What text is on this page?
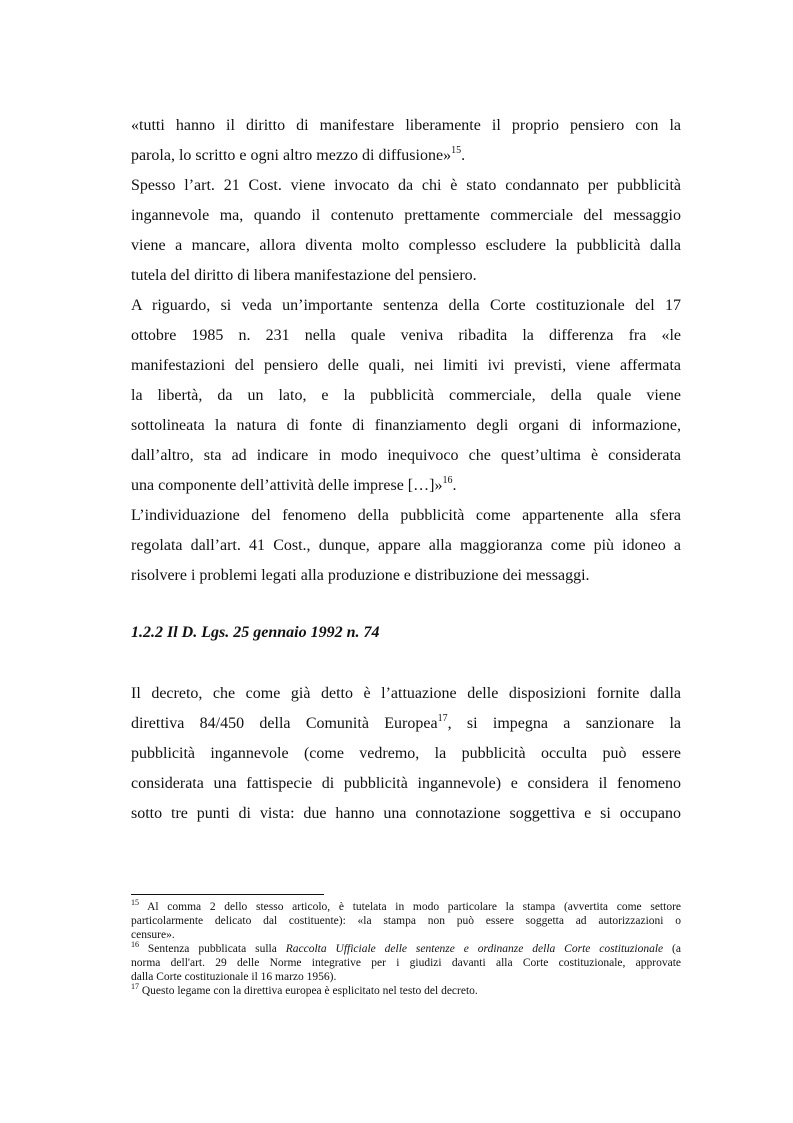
«tutti hanno il diritto di manifestare liberamente il proprio pensiero con la
parola, lo scritto e ogni altro mezzo di diffusione»$^{15}$.
Spesso l’art. 21 Cost. viene invocato da chi è stato condannato per pubblicità
ingannevole ma, quando il contenuto prettamente commerciale del messaggio
viene a mancare, allora diventa molto complesso escludere la pubblicità dalla
tutela del diritto di libera manifestazione del pensiero.
A riguardo, si veda un’importante sentenza della Corte costituzionale del 17
ottobre 1985 n. 231 nella quale veniva ribadita la differenza fra «le
manifestazioni del pensiero delle quali, nei limiti ivi previsti, viene affermata
la libertà, da un lato, e la pubblicità commerciale, della quale viene
sottolineata la natura di fonte di finanziamento degli organi di informazione,
dall’altro, sta ad indicare in modo inequivoco che quest’ultima è considerata
una componente dell’attività delle imprese […]»$^{16}$.
L’individuazione del fenomeno della pubblicità come appartenente alla sfera
regolata dall’art. 41 Cost., dunque, appare alla maggioranza come più idoneo a
risolvere i problemi legati alla produzione e distribuzione dei messaggi.
1.2.2 Il D. Lgs. 25 gennaio 1992 n. 74
Il decreto, che come già detto è l’attuazione delle disposizioni fornite dalla
direttiva 84/450 della Comunità Europea$^{17}$, si impegna a sanzionare la
pubblicità ingannevole (come vedremo, la pubblicità occulta può essere
considerata una fattispecie di pubblicità ingannevole) e considera il fenomeno
sotto tre punti di vista: due hanno una connotazione soggettiva e si occupano
$^{15}$ Al comma 2 dello stesso articolo, è tutelata in modo particolare la stampa (avvertita come settore
particolarmente delicato dal costituente): «la stampa non può essere soggetta ad autorizzazioni o
censure».
$^{16}$ Sentenza pubblicata sulla Raccolta Ufficiale delle sentenze e ordinanze della Corte costituzionale (a
norma dell'art. 29 delle Norme integrative per i giudizi davanti alla Corte costituzionale, approvate
dalla Corte costituzionale il 16 marzo 1956).
$^{17}$ Questo legame con la direttiva europea è esplicitato nel testo del decreto.
